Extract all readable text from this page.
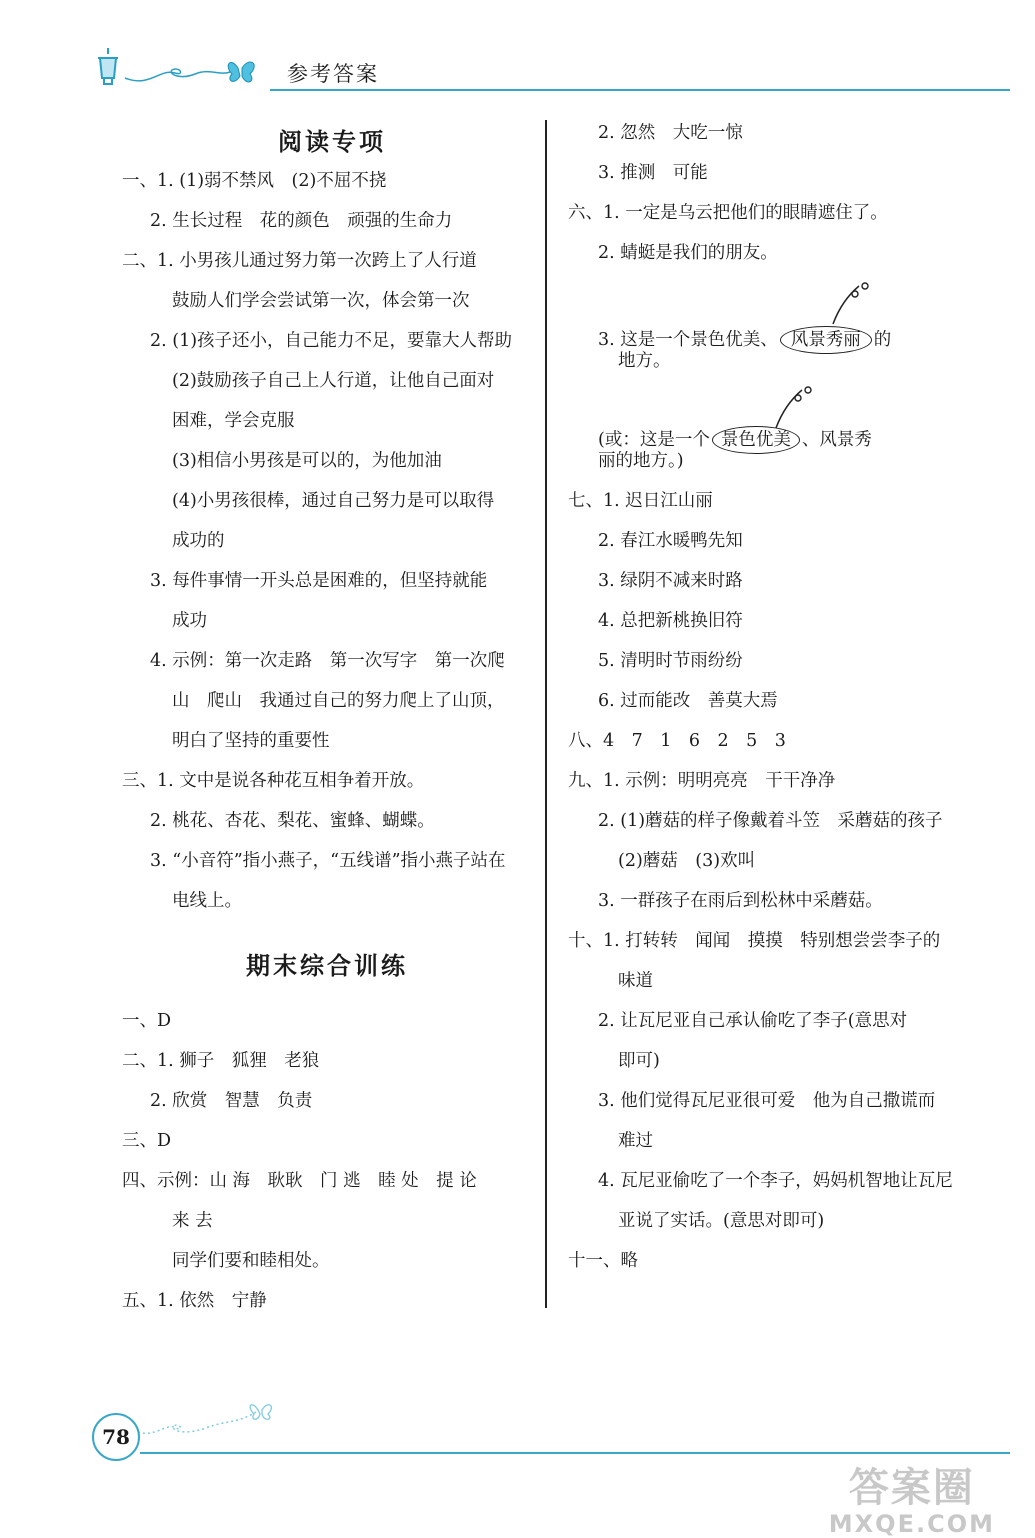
参考答案
阅读专项
一、1. (1)弱不禁风　(2)不屈不挠
2. 生长过程　花的颜色　顽强的生命力
二、1. 小男孩儿通过努力第一次跨上了人行道
鼓励人们学会尝试第一次，体会第一次
2. (1)孩子还小，自己能力不足，要靠大人帮助
(2)鼓励孩子自己上人行道，让他自己面对
困难，学会克服
(3)相信小男孩是可以的，为他加油
(4)小男孩很棒，通过自己努力是可以取得
成功的
3. 每件事情一开头总是困难的，但坚持就能
成功
4. 示例：第一次走路　第一次写字　第一次爬
山　爬山　我通过自己的努力爬上了山顶，
明白了坚持的重要性
三、1. 文中是说各种花互相争着开放。
2. 桃花、杏花、梨花、蜜蜂、蝴蝶。
3. “小音符”指小燕子，“五线谱”指小燕子站在
电线上。
期末综合训练
一、D
二、1. 狮子　狐狸　老狼
2. 欣赏　智慧　负责
三、D
四、示例：山 海　耿耿　门 逃　睦 处　提 论
来 去
同学们要和睦相处。
五、1. 依然　宁静
2. 忽然　大吃一惊
3. 推测　可能
六、1. 一定是乌云把他们的眼睛遮住了。
2. 蜻蜓是我们的朋友。
3. 这是一个景色优美、 风景秀丽 的
地方。
(或：这是一个 景色优美 、风景秀
丽的地方。)
七、1. 迟日江山丽
2. 春江水暖鸭先知
3. 绿阴不减来时路
4. 总把新桃换旧符
5. 清明时节雨纷纷
6. 过而能改　善莫大焉
八、4　7　1　6　2　5　3
九、1. 示例：明明亮亮　干干净净
2. (1)蘑菇的样子像戴着斗笠　采蘑菇的孩子
(2)蘑菇　(3)欢叫
3. 一群孩子在雨后到松林中采蘑菇。
十、1. 打转转　闻闻　摸摸　特别想尝尝李子的
味道
2. 让瓦尼亚自己承认偷吃了李子(意思对
即可)
3. 他们觉得瓦尼亚很可爱　他为自己撒谎而
难过
4. 瓦尼亚偷吃了一个李子，妈妈机智地让瓦尼
亚说了实话。(意思对即可)
十一、略
78
答案圈
MXQE.COM
